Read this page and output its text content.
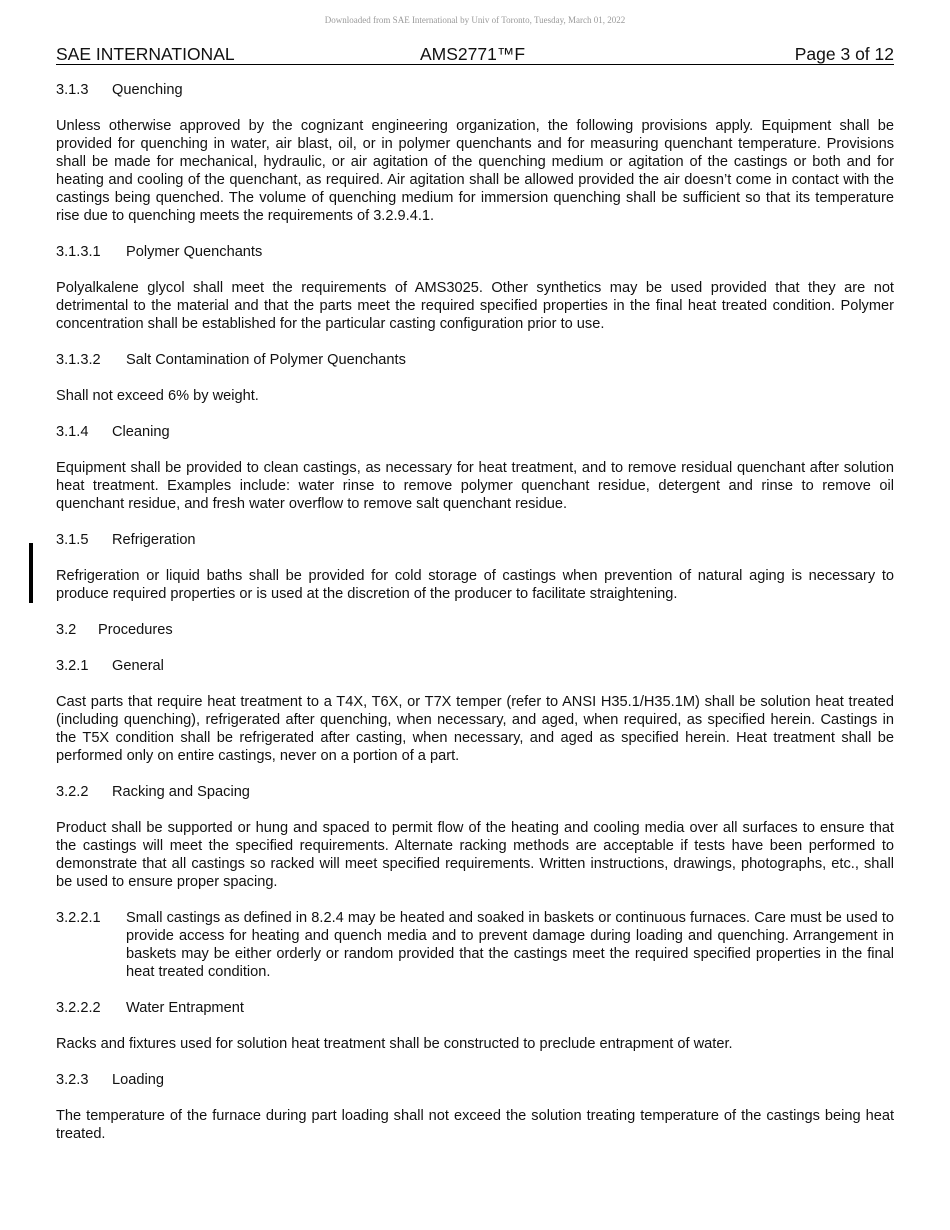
Downloaded from SAE International by Univ of Toronto, Tuesday, March 01, 2022
SAE INTERNATIONAL	AMS2771™F	Page 3 of 12
3.1.3 Quenching

Unless otherwise approved by the cognizant engineering organization, the following provisions apply. Equipment shall be provided for quenching in water, air blast, oil, or in polymer quenchants and for measuring quenchant temperature. Provisions shall be made for mechanical, hydraulic, or air agitation of the quenching medium or agitation of the castings or both and for heating and cooling of the quenchant, as required. Air agitation shall be allowed provided the air doesn’t come in contact with the castings being quenched. The volume of quenching medium for immersion quenching shall be sufficient so that its temperature rise due to quenching meets the requirements of 3.2.9.4.1.

3.1.3.1 Polymer Quenchants

Polyalkalene glycol shall meet the requirements of AMS3025. Other synthetics may be used provided that they are not detrimental to the material and that the parts meet the required specified properties in the final heat treated condition. Polymer concentration shall be established for the particular casting configuration prior to use.

3.1.3.2 Salt Contamination of Polymer Quenchants

Shall not exceed 6% by weight.

3.1.4 Cleaning

Equipment shall be provided to clean castings, as necessary for heat treatment, and to remove residual quenchant after solution heat treatment. Examples include: water rinse to remove polymer quenchant residue, detergent and rinse to remove oil quenchant residue, and fresh water overflow to remove salt quenchant residue.

3.1.5 Refrigeration

Refrigeration or liquid baths shall be provided for cold storage of castings when prevention of natural aging is necessary to produce required properties or is used at the discretion of the producer to facilitate straightening.

3.2 Procedures
3.2.1 General

Cast parts that require heat treatment to a T4X, T6X, or T7X temper (refer to ANSI H35.1/H35.1M) shall be solution heat treated (including quenching), refrigerated after quenching, when necessary, and aged, when required, as specified herein. Castings in the T5X condition shall be refrigerated after casting, when necessary, and aged as specified herein. Heat treatment shall be performed only on entire castings, never on a portion of a part.

3.2.2 Racking and Spacing

Product shall be supported or hung and spaced to permit flow of the heating and cooling media over all surfaces to ensure that the castings will meet the specified requirements. Alternate racking methods are acceptable if tests have been performed to demonstrate that all castings so racked will meet specified requirements. Written instructions, drawings, photographs, etc., shall be used to ensure proper spacing.

3.2.2.1	Small castings as defined in 8.2.4 may be heated and soaked in baskets or continuous furnaces. Care must be used to provide access for heating and quench media and to prevent damage during loading and quenching. Arrangement in baskets may be either orderly or random provided that the castings meet the required specified properties in the final heat treated condition.
3.2.2.2 Water Entrapment

Racks and fixtures used for solution heat treatment shall be constructed to preclude entrapment of water.

3.2.3 Loading

The temperature of the furnace during part loading shall not exceed the solution treating temperature of the castings being heat treated.
